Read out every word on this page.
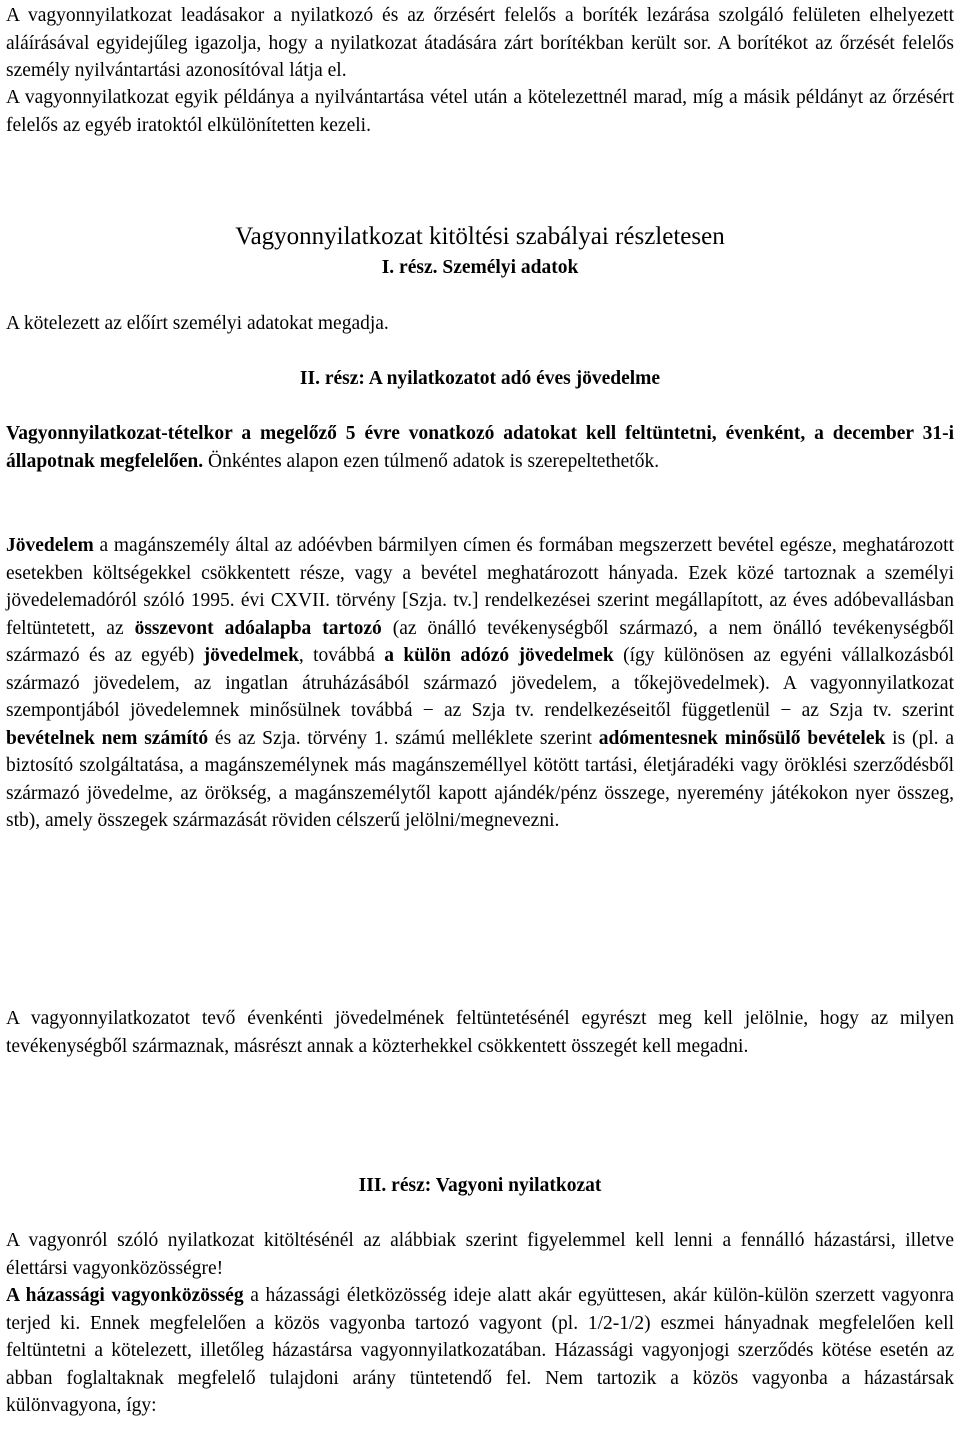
A vagyonnyilatkozat leadásakor a nyilatkozó és az őrzésért felelős a boríték lezárása szolgáló felületen elhelyezett aláírásával egyidejűleg igazolja, hogy a nyilatkozat átadására zárt borítékban került sor. A borítékot az őrzését felelős személy nyilvántartási azonosítóval látja el.

A vagyonnyilatkozat egyik példánya a nyilvántartása vétel után a kötelezettnél marad, míg a másik példányt az őrzésért felelős az egyéb iratoktól elkülönítetten kezeli.

Vagyonnyilatkozat kitöltési szabályai részletesen

I. rész. Személyi adatok

A kötelezett az előírt személyi adatokat megadja.

II. rész: A nyilatkozatot adó éves jövedelme

Vagyonnyilatkozat-tételkor a megelőző 5 évre vonatkozó adatokat kell feltüntetni, évenként, a december 31-i állapotnak megfelelően. Önkéntes alapon ezen túlmenő adatok is szerepeltethetők.

Jövedelem a magánszemély által az adóévben bármilyen címen és formában megszerzett bevétel egésze, meghatározott esetekben költségekkel csökkentett része, vagy a bevétel meghatározott hányada. Ezek közé tartoznak a személyi jövedelemadóról szóló 1995. évi CXVII. törvény [Szja. tv.] rendelkezései szerint megállapított, az éves adóbevallásban feltüntetett, az összevont adóalapba tartozó (az önálló tevékenységből származó, a nem önálló tevékenységből származó és az egyéb) jövedelmek, továbbá a külön adózó jövedelmek (így különösen az egyéni vállalkozásból származó jövedelem, az ingatlan átruházásából származó jövedelem, a tőkejövedelmek). A vagyonnyilatkozat szempontjából jövedelemnek minősülnek továbbá − az Szja tv. rendelkezéseitől függetlenül − az Szja tv. szerint bevételnek nem számító és az Szja. törvény 1. számú melléklete szerint adómentesnek minősülő bevételek is (pl. a biztosító szolgáltatása, a magánszemélynek más magánszeméllyel kötött tartási, életjáradéki vagy öröklési szerződésből származó jövedelme, az örökség, a magánszemélytől kapott ajándék/pénz összege, nyeremény játékokon nyer összeg, stb), amely összegek származását röviden célszerű jelölni/megnevezni.

A vagyonnyilatkozatot tevő évenkénti jövedelmének feltüntetésénél egyrészt meg kell jelölnie, hogy az milyen tevékenységből származnak, másrészt annak a közterhekkel csökkentett összegét kell megadni.

III. rész: Vagyoni nyilatkozat

A vagyonról szóló nyilatkozat kitöltésénél az alábbiak szerint figyelemmel kell lenni a fennálló házastársi, illetve élettársi vagyonközösségre!

A házassági vagyonközösség a házassági életközösség ideje alatt akár együttesen, akár külön-külön szerzett vagyonra terjed ki. Ennek megfelelően a közös vagyonba tartozó vagyont (pl. 1/2-1/2) eszmei hányadnak megfelelően kell feltüntetni a kötelezett, illetőleg házastársa vagyonnyilatkozatában. Házassági vagyonjogi szerződés kötése esetén az abban foglaltaknak megfelelő tulajdoni arány tüntetendő fel. Nem tartozik a közös vagyonba a házastársak különvagyona, így:
